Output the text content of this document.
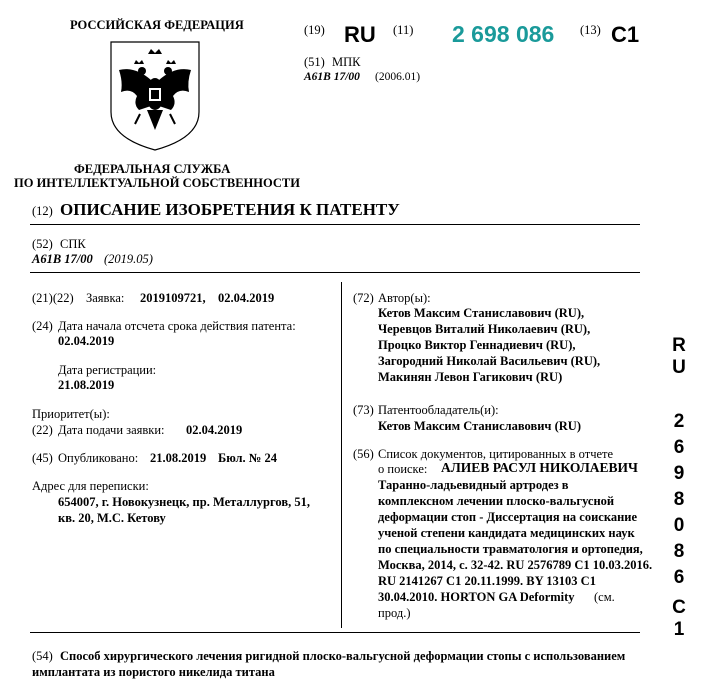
РОССИЙСКАЯ ФЕДЕРАЦИЯ
ФЕДЕРАЛЬНАЯ СЛУЖБА
ПО ИНТЕЛЛЕКТУАЛЬНОЙ СОБСТВЕННОСТИ
(19) RU (11) 2 698 086 (13) C1
(51) МПК
A61B 17/00 (2006.01)
(12) ОПИСАНИЕ ИЗОБРЕТЕНИЯ К ПАТЕНТУ
(52) СПК
A61B 17/00 (2019.05)
(21)(22) Заявка: 2019109721, 02.04.2019
(24) Дата начала отсчета срока действия патента:
02.04.2019
Дата регистрации:
21.08.2019
Приоритет(ы):
(22) Дата подачи заявки: 02.04.2019
(45) Опубликовано: 21.08.2019 Бюл. № 24
Адрес для переписки:
654007, г. Новокузнецк, пр. Металлургов, 51,
кв. 20, М.С. Кетову
(72) Автор(ы):
Кетов Максим Станиславович (RU),
Черевцов Виталий Николаевич (RU),
Процко Виктор Геннадиевич (RU),
Загородний Николай Васильевич (RU),
Макинян Левон Гагикович (RU)
(73) Патентообладатель(и):
Кетов Максим Станиславович (RU)
(56) Список документов, цитированных в отчете
о поиске: АЛИЕВ РАСУЛ НИКОЛАЕВИЧ
Таранно-ладьевидный артродез в
комплексном лечении плоско-вальгусной
деформации стоп - Диссертация на соискание
ученой степени кандидата медицинских наук
по специальности травматология и ортопедия,
Москва, 2014, с. 32-42. RU 2576789 C1 10.03.2016.
RU 2141267 C1 20.11.1999. BY 13103 C1
30.04.2010. HORTON GA Deformity (см.
прод.)
(54) Способ хирургического лечения ригидной плоско-вальгусной деформации стопы с использованием
имплантата из пористого никелида титана
R
U
2
6
9
8
0
8
6
C
1
